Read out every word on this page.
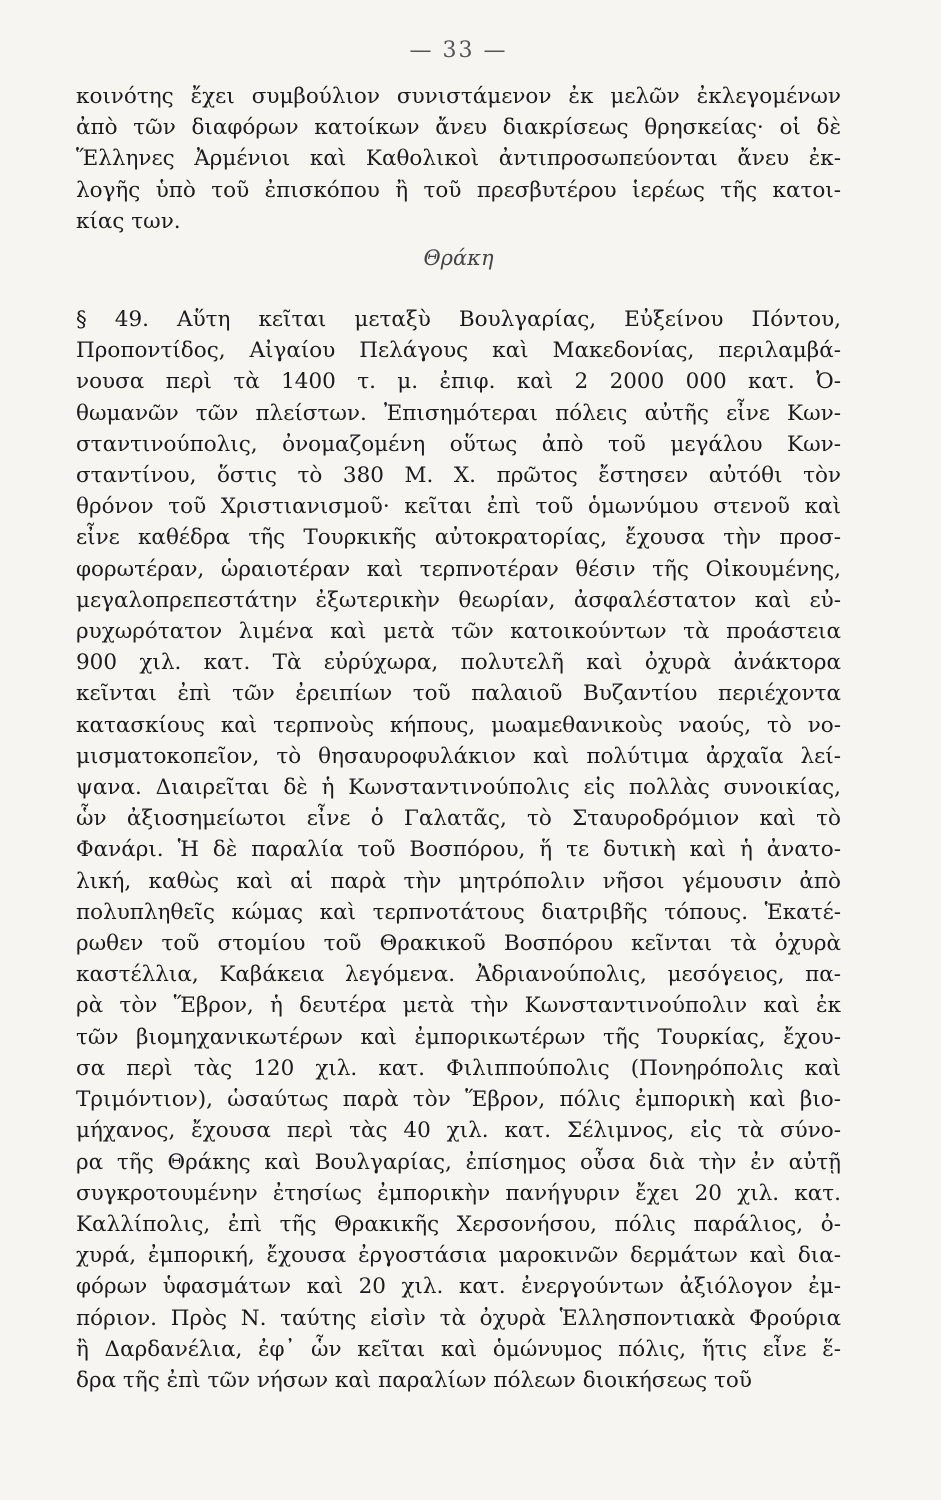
— 33 —
κοινότης ἔχει συμβούλιον συνιστάμενον ἐκ μελῶν ἐκλεγομένων
ἀπὸ τῶν διαφόρων κατοίκων ἄνευ διακρίσεως θρησκείας· οἱ δὲ
Ἕλληνες Ἀρμένιοι καὶ Καθολικοὶ ἀντιπροσωπεύονται ἄνευ ἐκ-
λογῆς ὑπὸ τοῦ ἐπισκόπου ἢ τοῦ πρεσβυτέρου ἱερέως τῆς κατοι-
κίας των.
Θράκη
§ 49. Αὕτη κεῖται μεταξὺ Βουλγαρίας, Εὐξείνου Πόντου,
Προποντίδος, Αἰγαίου Πελάγους καὶ Μακεδονίας, περιλαμβά-
νουσα περὶ τὰ 1400 τ. μ. ἐπιφ. καὶ 2 2000 000 κατ. Ὀ-
θωμανῶν τῶν πλείστων. Ἐπισημότεραι πόλεις αὐτῆς εἶνε Κων-
σταντινούπολις, ὀνομαζομένη οὕτως ἀπὸ τοῦ μεγάλου Κων-
σταντίνου, ὅστις τὸ 380 Μ. Χ. πρῶτος ἔστησεν αὐτόθι τὸν
θρόνον τοῦ Χριστιανισμοῦ· κεῖται ἐπὶ τοῦ ὁμωνύμου στενοῦ καὶ
εἶνε καθέδρα τῆς Τουρκικῆς αὐτοκρατορίας, ἔχουσα τὴν προσ-
φορωτέραν, ὡραιοτέραν καὶ τερπνοτέραν θέσιν τῆς Οἰκουμένης,
μεγαλοπρεπεστάτην ἐξωτερικὴν θεωρίαν, ἀσφαλέστατον καὶ εὐ-
ρυχωρότατον λιμένα καὶ μετὰ τῶν κατοικούντων τὰ προάστεια
900 χιλ. κατ. Τὰ εὐρύχωρα, πολυτελῆ καὶ ὀχυρὰ ἀνάκτορα
κεῖνται ἐπὶ τῶν ἐρειπίων τοῦ παλαιοῦ Βυζαντίου περιέχοντα
κατασκίους καὶ τερπνοὺς κήπους, μωαμεθανικοὺς ναούς, τὸ νο-
μισματοκοπεῖον, τὸ θησαυροφυλάκιον καὶ πολύτιμα ἀρχαῖα λεί-
ψανα. Διαιρεῖται δὲ ἡ Κωνσταντινούπολις εἰς πολλὰς συνοικίας,
ὧν ἀξιοσημείωτοι εἶνε ὁ Γαλατᾶς, τὸ Σταυροδρόμιον καὶ τὸ
Φανάρι. Ἡ δὲ παραλία τοῦ Βοσπόρου, ἥ τε δυτικὴ καὶ ἡ ἀνατο-
λική, καθὼς καὶ αἱ παρὰ τὴν μητρόπολιν νῆσοι γέμουσιν ἀπὸ
πολυπληθεῖς κώμας καὶ τερπνοτάτους διατριβῆς τόπους. Ἑκατέ-
ρωθεν τοῦ στομίου τοῦ Θρακικοῦ Βοσπόρου κεῖνται τὰ ὀχυρὰ
καστέλλια, Καβάκεια λεγόμενα. Ἀδριανούπολις, μεσόγειος, πα-
ρὰ τὸν Ἕβρον, ἡ δευτέρα μετὰ τὴν Κωνσταντινούπολιν καὶ ἐκ
τῶν βιομηχανικωτέρων καὶ ἐμπορικωτέρων τῆς Τουρκίας, ἔχου-
σα περὶ τὰς 120 χιλ. κατ. Φιλιππούπολις (Πονηρόπολις καὶ
Τριμόντιον), ὡσαύτως παρὰ τὸν Ἕβρον, πόλις ἐμπορικὴ καὶ βιο-
μήχανος, ἔχουσα περὶ τὰς 40 χιλ. κατ. Σέλιμνος, εἰς τὰ σύνο-
ρα τῆς Θράκης καὶ Βουλγαρίας, ἐπίσημος οὖσα διὰ τὴν ἐν αὐτῇ
συγκροτουμένην ἐτησίως ἐμπορικὴν πανήγυριν ἔχει 20 χιλ. κατ.
Καλλίπολις, ἐπὶ τῆς Θρακικῆς Χερσονήσου, πόλις παράλιος, ὀ-
χυρά, ἐμπορική, ἔχουσα ἐργοστάσια μαροκινῶν δερμάτων καὶ δια-
φόρων ὑφασμάτων καὶ 20 χιλ. κατ. ἐνεργούντων ἀξιόλογον ἐμ-
πόριον. Πρὸς Ν. ταύτης εἰσὶν τὰ ὀχυρὰ Ἑλλησποντιακὰ Φρούρια
ἢ Δαρδανέλια, ἐφ᾽ ὧν κεῖται καὶ ὁμώνυμος πόλις, ἥτις εἶνε ἕ-
δρα τῆς ἐπὶ τῶν νήσων καὶ παραλίων πόλεων διοικήσεως τοῦ
